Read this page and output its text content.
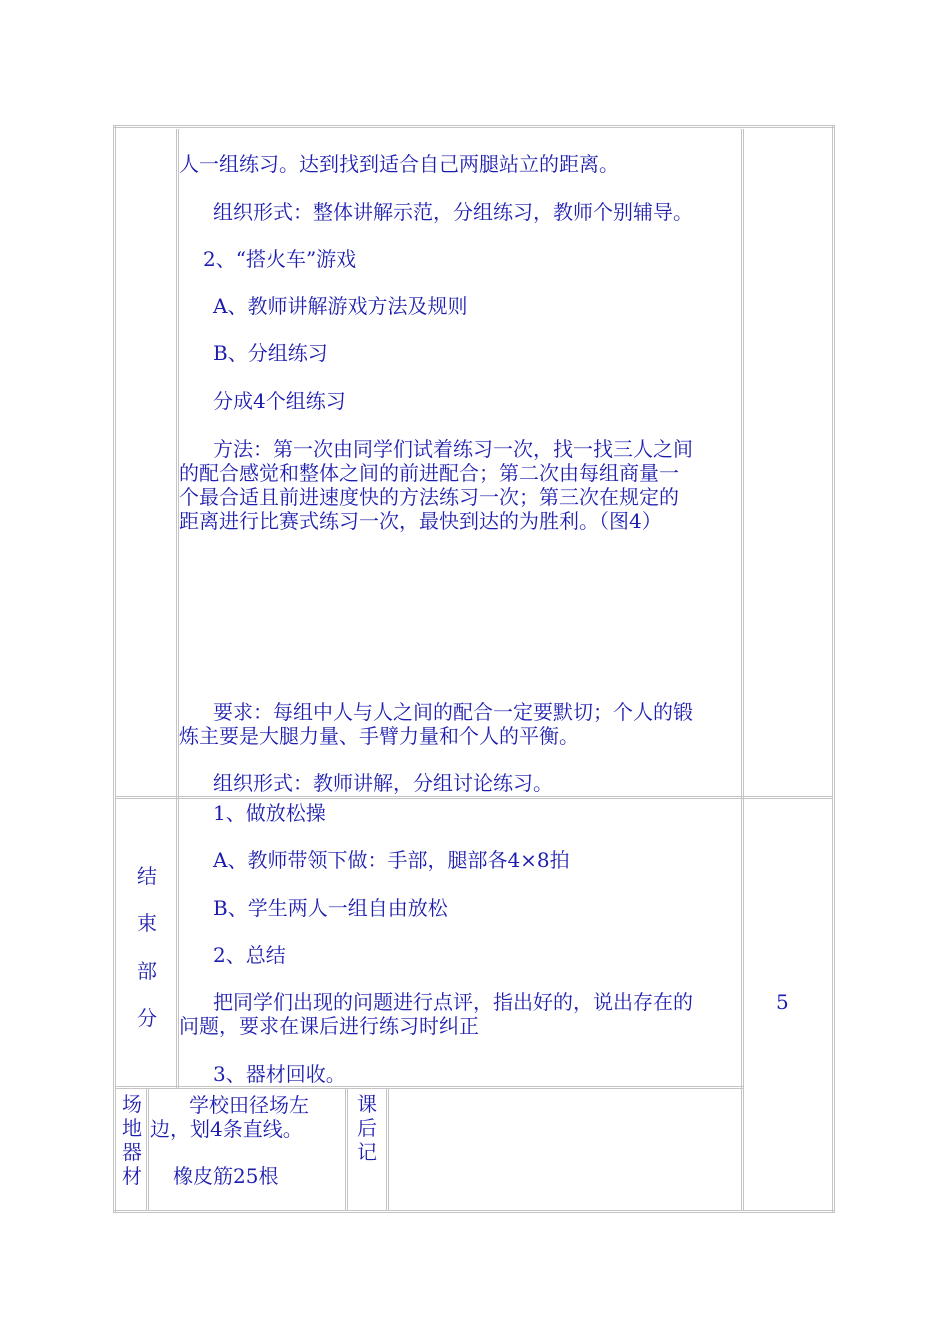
人一组练习。达到找到适合自己两腿站立的距离。
组织形式：整体讲解示范，分组练习，教师个别辅导。
2、“搭火车”游戏
A、教师讲解游戏方法及规则
B、分组练习
分成4个组练习
方法：第一次由同学们试着练习一次，找一找三人之间
的配合感觉和整体之间的前进配合；第二次由每组商量一
个最合适且前进速度快的方法练习一次；第三次在规定的
距离进行比赛式练习一次，最快到达的为胜利。（图4）
要求：每组中人与人之间的配合一定要默切；个人的锻
炼主要是大腿力量、手臂力量和个人的平衡。
组织形式：教师讲解，分组讨论练习。
结
束
部
分
1、做放松操
A、教师带领下做：手部，腿部各4×8拍
B、学生两人一组自由放松
2、总结
把同学们出现的问题进行点评，指出好的，说出存在的
问题，要求在课后进行练习时纠正
3、器材回收。
5
场
地
器
材
学校田径场左
边，划4条直线。
橡皮筋25根
课
后
记
